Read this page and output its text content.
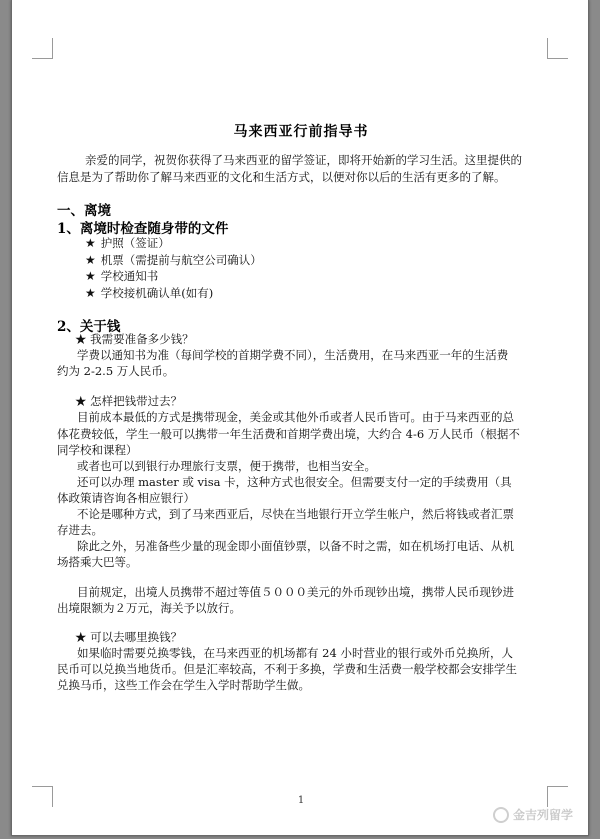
马来西亚行前指导书
亲爱的同学，祝贺你获得了马来西亚的留学签证，即将开始新的学习生活。这里提供的
信息是为了帮助你了解马来西亚的文化和生活方式，以便对你以后的生活有更多的了解。
一、离境
1、离境时检查随身带的文件
★ 护照（签证）
★ 机票（需提前与航空公司确认）
★ 学校通知书
★ 学校接机确认单(如有)
2、关于钱
★ 我需要准备多少钱？
学费以通知书为准（每间学校的首期学费不同），生活费用，在马来西亚一年的生活费
约为 2-2.5 万人民币。
★ 怎样把钱带过去？
目前成本最低的方式是携带现金，美金或其他外币或者人民币皆可。由于马来西亚的总
体花费较低，学生一般可以携带一年生活费和首期学费出境，大约合 4-6 万人民币（根据不
同学校和课程）
或者也可以到银行办理旅行支票，便于携带，也相当安全。
还可以办理 master 或 visa 卡，这种方式也很安全。但需要支付一定的手续费用（具
体政策请咨询各相应银行）
不论是哪种方式，到了马来西亚后，尽快在当地银行开立学生帐户，然后将钱或者汇票
存进去。
除此之外，另准备些少量的现金即小面值钞票，以备不时之需，如在机场打电话、从机
场搭乘大巴等。
目前规定，出境人员携带不超过等值５０００美元的外币现钞出境，携带人民币现钞进
出境限额为２万元，海关予以放行。
★ 可以去哪里换钱？
如果临时需要兑换零钱，在马来西亚的机场都有 24 小时营业的银行或外币兑换所，人
民币可以兑换当地货币。但是汇率较高，不利于多换，学费和生活费一般学校都会安排学生
兑换马币，这些工作会在学生入学时帮助学生做。
1
金吉列留学
